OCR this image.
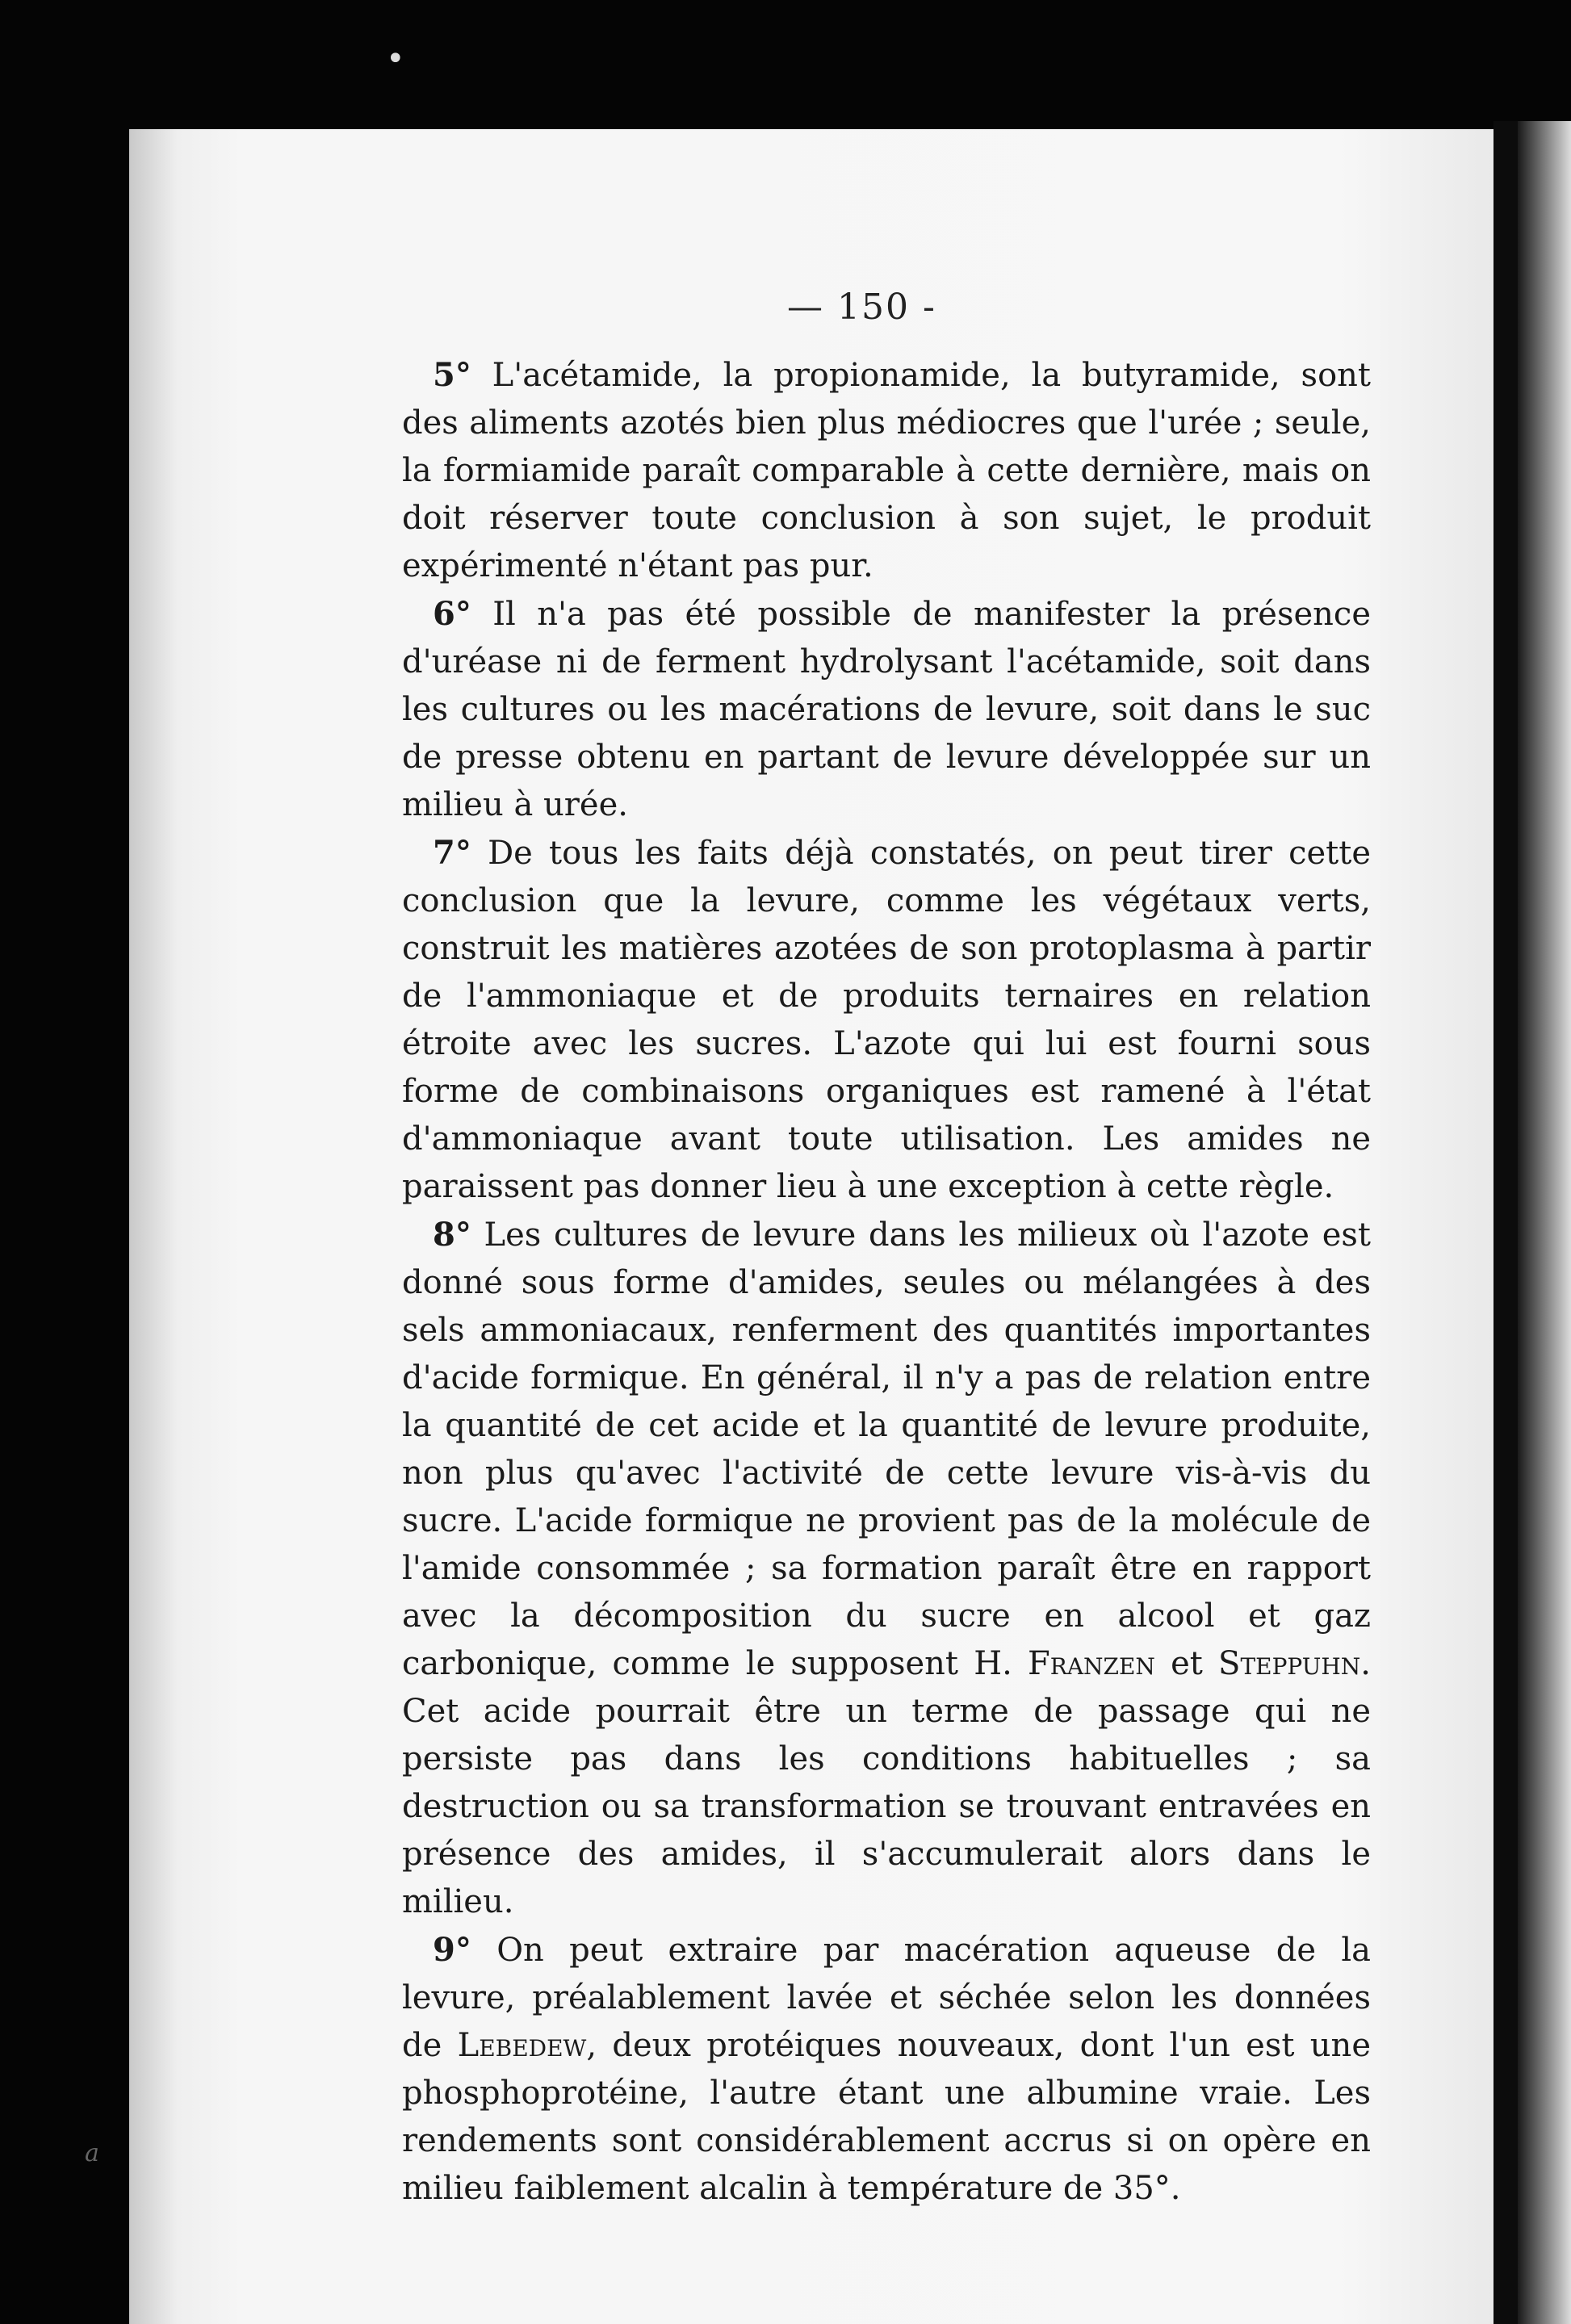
•
— 150 -

5° L'acétamide, la propionamide, la butyramide, sont des aliments azotés bien plus médiocres que l'urée ; seule, la formiamide paraît comparable à cette dernière, mais on doit réserver toute conclusion à son sujet, le produit expérimenté n'étant pas pur.

6° Il n'a pas été possible de manifester la présence d'uréase ni de ferment hydrolysant l'acétamide, soit dans les cultures ou les macérations de levure, soit dans le suc de presse obtenu en partant de levure développée sur un milieu à urée.

7° De tous les faits déjà constatés, on peut tirer cette conclusion que la levure, comme les végétaux verts, construit les matières azotées de son protoplasma à partir de l'ammoniaque et de produits ternaires en relation étroite avec les sucres. L'azote qui lui est fourni sous forme de combinaisons organiques est ramené à l'état d'ammoniaque avant toute utilisation. Les amides ne paraissent pas donner lieu à une exception à cette règle.

8° Les cultures de levure dans les milieux où l'azote est donné sous forme d'amides, seules ou mélangées à des sels ammoniacaux, renferment des quantités importantes d'acide formique. En général, il n'y a pas de relation entre la quantité de cet acide et la quantité de levure produite, non plus qu'avec l'activité de cette levure vis-à-vis du sucre. L'acide formique ne provient pas de la molécule de l'amide consommée ; sa formation paraît être en rapport avec la décomposition du sucre en alcool et gaz carbonique, comme le supposent H. Franzen et Steppuhn. Cet acide pourrait être un terme de passage qui ne persiste pas dans les conditions habituelles ; sa destruction ou sa transformation se trouvant entravées en présence des amides, il s'accumulerait alors dans le milieu.

9° On peut extraire par macération aqueuse de la levure, préalablement lavée et séchée selon les données de Lebedew, deux protéiques nouveaux, dont l'un est une phosphoprotéine, l'autre étant une albumine vraie. Les rendements sont considérablement accrus si on opère en milieu faiblement alcalin à température de 35°.

a
